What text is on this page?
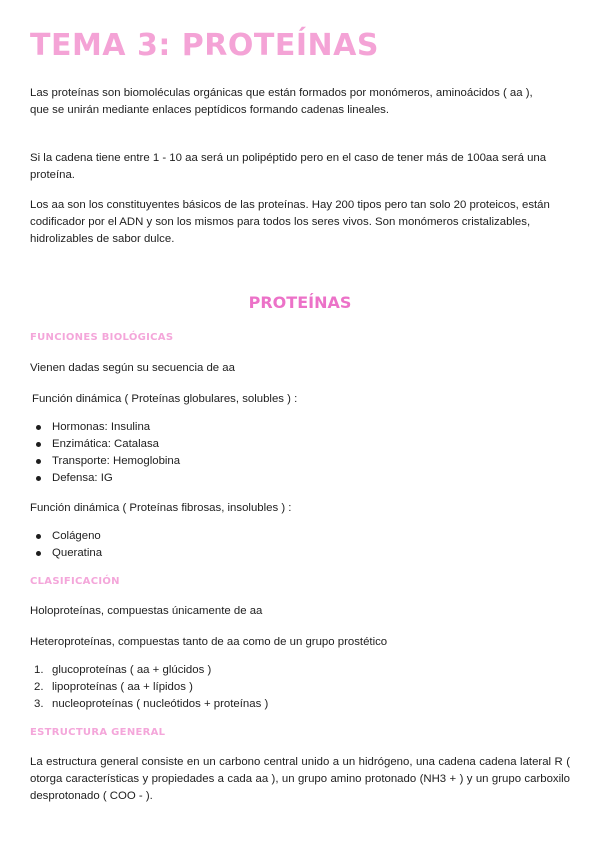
TEMA 3: PROTEÍNAS

Las proteínas son biomoléculas orgánicas que están formados por monómeros, aminoácidos ( aa ), que se unirán mediante enlaces peptídicos formando cadenas lineales.

Si la cadena tiene entre 1 - 10 aa será un polipéptido pero en el caso de tener más de 100aa será una proteína.

Los aa son los constituyentes básicos de las proteínas. Hay 200 tipos pero tan solo 20 proteicos, están codificador por el ADN y son los mismos para todos los seres vivos. Son monómeros cristalizables, hidrolizables de sabor dulce.

PROTEÍNAS
FUNCIONES BIOLÓGICAS

Vienen dadas según su secuencia de aa

Función dinámica ( Proteínas globulares, solubles ) :

Hormonas: Insulina
Enzimática: Catalasa
Transporte: Hemoglobina
Defensa: IG

Función dinámica ( Proteínas fibrosas, insolubles ) :

Colágeno
Queratina
CLASIFICACIÓN

Holoproteínas, compuestas únicamente de aa

Heteroproteínas, compuestas tanto de aa como de un grupo prostético

1. glucoproteínas ( aa + glúcidos )
2. lipoproteínas ( aa + lípidos )
3. nucleoproteínas ( nucleótidos + proteínas )
ESTRUCTURA GENERAL

La estructura general consiste en un carbono central unido a un hidrógeno, una cadena cadena lateral R ( otorga características y propiedades a cada aa ), un grupo amino protonado (NH3 + ) y un grupo carboxilo desprotonado ( COO - ).
